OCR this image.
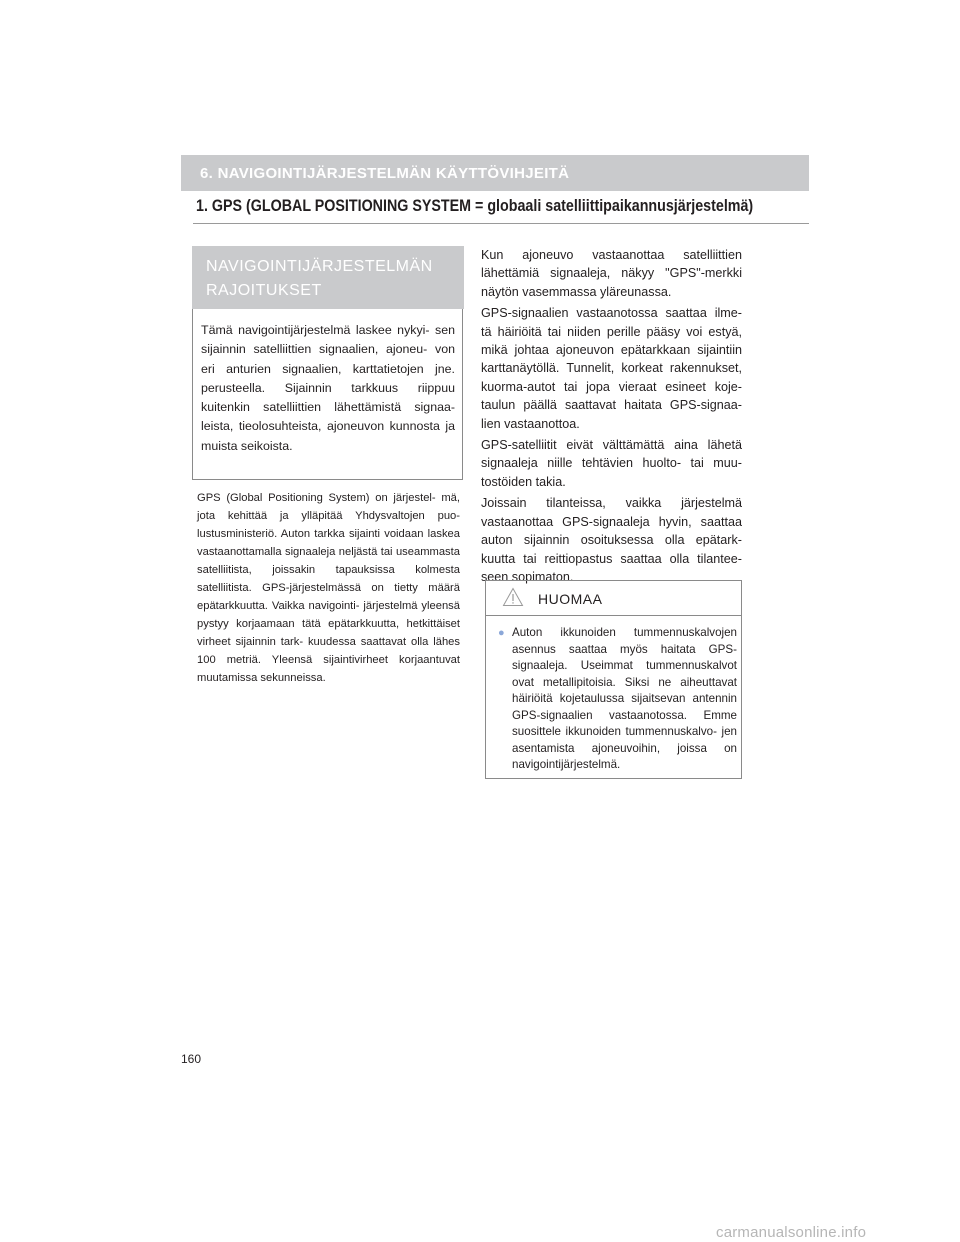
6. NAVIGOINTIJÄRJESTELMÄN KÄYTTÖVIHJEITÄ
1. GPS (GLOBAL POSITIONING SYSTEM = globaali satelliittipaikannusjärjestelmä)
NAVIGOINTIJÄRJESTELMÄN RAJOITUKSET
Tämä navigointijärjestelmä laskee nykyi- sen sijainnin satelliittien signaalien, ajoneu- von eri anturien signaalien, karttatietojen jne. perusteella. Sijainnin tarkkuus riippuu kuitenkin satelliittien lähettämistä signaa- leista, tieolosuhteista, ajoneuvon kunnosta ja muista seikoista.
GPS (Global Positioning System) on järjestel- mä, jota kehittää ja ylläpitää Yhdysvaltojen puo- lustusministeriö. Auton tarkka sijainti voidaan laskea vastaanottamalla signaaleja neljästä tai useammasta satelliitista, joissakin tapauksissa kolmesta satelliitista. GPS-järjestelmässä on tietty määrä epätarkkuutta. Vaikka navigointi- järjestelmä yleensä pystyy korjaamaan tätä epätarkkuutta, hetkittäiset virheet sijainnin tark- kuudessa saattavat olla lähes 100 metriä. Yleensä sijaintivirheet korjaantuvat muutamissa sekunneissa.

Kun ajoneuvo vastaanottaa satelliittien lähettämiä signaaleja, näkyy "GPS"-merkki näytön vasemmassa yläreunassa.

GPS-signaalien vastaanotossa saattaa ilme- tä häiriöitä tai niiden perille pääsy voi estyä, mikä johtaa ajoneuvon epätarkkaan sijaintiin karttanäytöllä. Tunnelit, korkeat rakennukset, kuorma-autot tai jopa vieraat esineet koje- taulun päällä saattavat haitata GPS-signaa- lien vastaanottoa.

GPS-satelliitit eivät välttämättä aina lähetä signaaleja niille tehtävien huolto- tai muu- tostöiden takia.

Joissain tilanteissa, vaikka järjestelmä vastaanottaa GPS-signaaleja hyvin, saattaa auton sijainnin osoituksessa olla epätark- kuutta tai reittiopastus saattaa olla tilantee- seen sopimaton.

HUOMAA
● Auton ikkunoiden tummennuskalvojen asennus saattaa myös haitata GPS- signaaleja. Useimmat tummennuskalvot ovat metallipitoisia. Siksi ne aiheuttavat häiriöitä kojetaulussa sijaitsevan antennin GPS-signaalien vastaanotossa. Emme suosittele ikkunoiden tummennuskalvo- jen asentamista ajoneuvoihin, joissa on navigointijärjestelmä.
160
carmanualsonline.info
